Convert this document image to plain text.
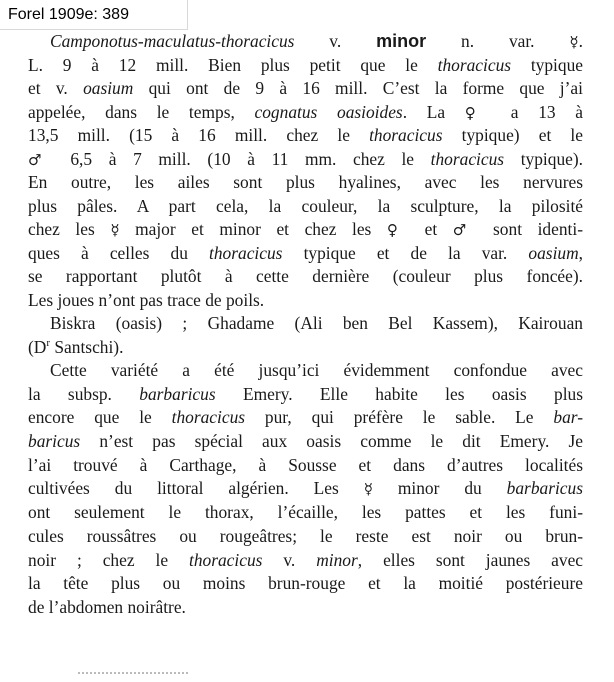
Forel 1909e: 389
Camponotus-maculatus-thoracicus v. minor n. var. ☿.
L. 9 à 12 mill. Bien plus petit que le thoracicus typique
et v. oasium qui ont de 9 à 16 mill. C’est la forme que j’ai
appelée, dans le temps, cognatus oasioides. La ♀ a 13 à
13,5 mill. (15 à 16 mill. chez le thoracicus typique) et le
♂ 6,5 à 7 mill. (10 à 11 mm. chez le thoracicus typique).
En outre, les ailes sont plus hyalines, avec les nervures
plus pâles. A part cela, la couleur, la sculpture, la pilosité
chez les ☿ major et minor et chez les ♀ et ♂ sont identi-
ques à celles du thoracicus typique et de la var. oasium,
se rapportant plutôt à cette dernière (couleur plus foncée).
Les joues n’ont pas trace de poils.
Biskra (oasis) ; Ghadame (Ali ben Bel Kassem), Kairouan
($D^r$ Santschi).
Cette variété a été jusqu’ici évidemment confondue avec
la subsp. barbaricus Emery. Elle habite les oasis plus
encore que le thoracicus pur, qui préfère le sable. Le bar-
baricus n’est pas spécial aux oasis comme le dit Emery. Je
l’ai trouvé à Carthage, à Sousse et dans d’autres localités
cultivées du littoral algérien. Les ☿ minor du barbaricus
ont seulement le thorax, l’écaille, les pattes et les funi-
cules roussâtres ou rougeâtres; le reste est noir ou brun-
noir ; chez le thoracicus v. minor, elles sont jaunes avec
la tête plus ou moins brun-rouge et la moitié postérieure
de l’abdomen noirâtre.
